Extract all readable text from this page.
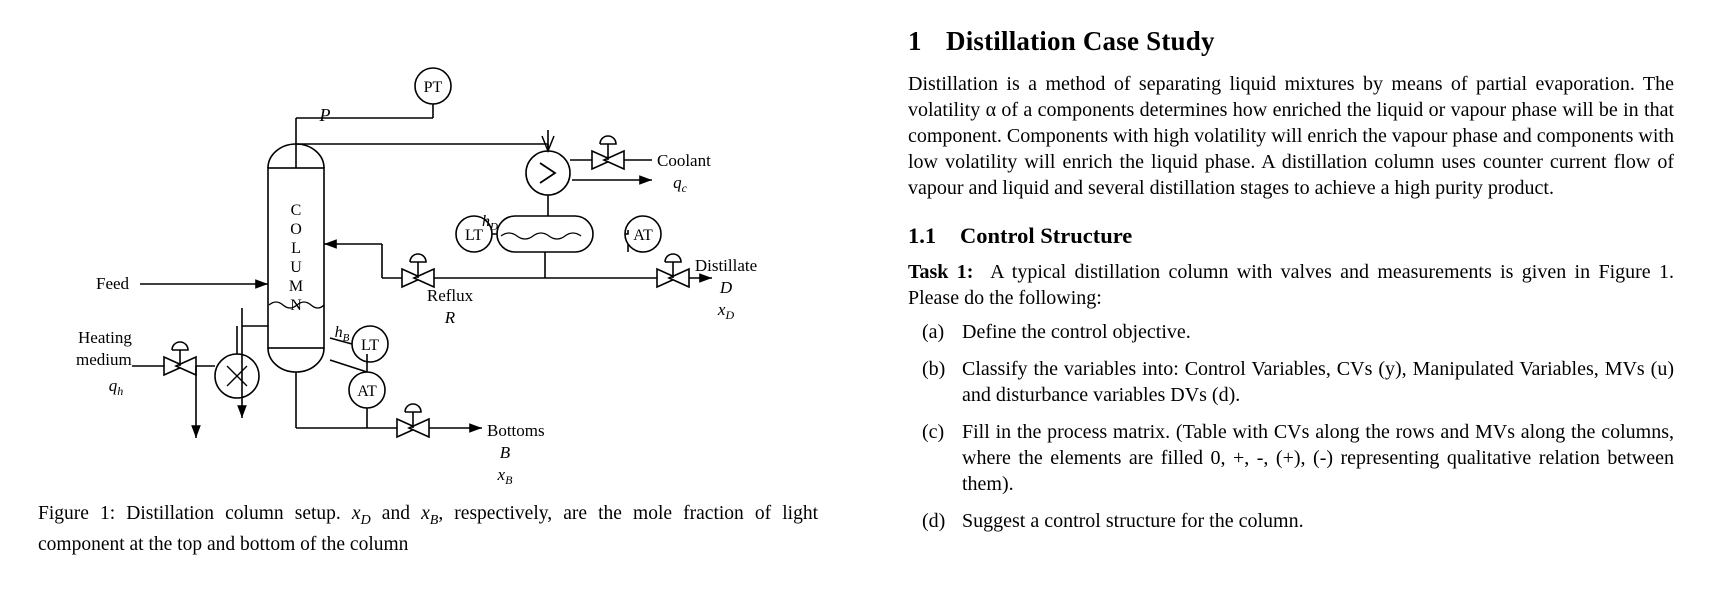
PT
LT	AT
LT
AT
P
Coolant
$q_c$
Feed
Reflux
R
Distillate
D
$x_D$
Bottoms
B
$x_B$
Heating
medium
$q_h$
$h_D$
$h_B$
C
O
L
U
M
N
Figure 1: Distillation column setup. $x_D$ and $x_B$, respectively, are the mole fraction of light component at the top and bottom of the column
1 Distillation Case Study

Distillation is a method of separating liquid mixtures by means of partial evaporation. The volatility α of a components determines how enriched the liquid or vapour phase will be in that component. Components with high volatility will enrich the vapour phase and components with low volatility will enrich the liquid phase. A distillation column uses counter current flow of vapour and liquid and several distillation stages to achieve a high purity product.

1.1 Control Structure
Task 1: A typical distillation column with valves and measurements is given in Figure 1. Please do the following:
(a) Define the control objective.
(b) Classify the variables into: Control Variables, CVs (y), Manipulated Variables, MVs (u) and disturbance variables DVs (d).
(c) Fill in the process matrix. (Table with CVs along the rows and MVs along the columns, where the elements are filled 0, +, -, (+), (-) representing qualitative relation between them).
(d) Suggest a control structure for the column.
